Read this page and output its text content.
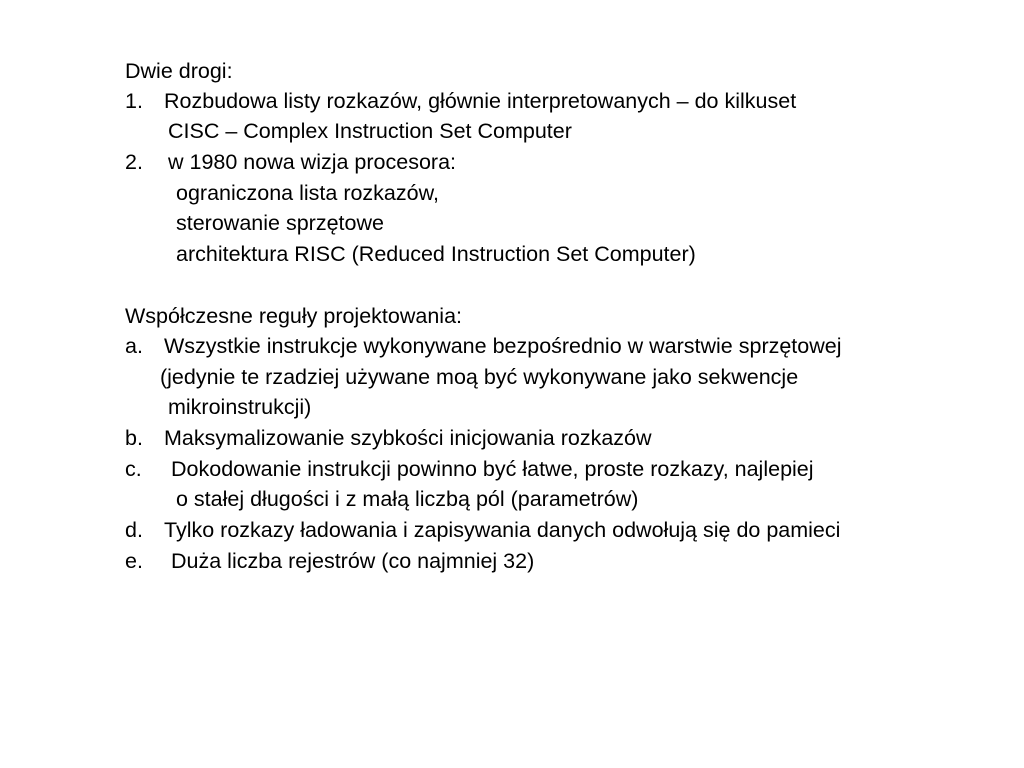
Dwie drogi:
1. Rozbudowa listy rozkazów, głównie interpretowanych – do kilkuset
CISC – Complex Instruction Set Computer
2. w 1980 nowa wizja procesora:
ograniczona lista rozkazów,
sterowanie sprzętowe
architektura RISC (Reduced Instruction Set Computer)
Współczesne reguły projektowania:
a. Wszystkie instrukcje wykonywane bezpośrednio w warstwie sprzętowej
(jedynie te rzadziej używane moą być wykonywane jako sekwencje
mikroinstrukcji)
b. Maksymalizowanie szybkości inicjowania rozkazów
c. Dokodowanie instrukcji powinno być łatwe, proste rozkazy, najlepiej
o stałej długości i z małą liczbą pól (parametrów)
d. Tylko rozkazy ładowania i zapisywania danych odwołują się do pamieci
e. Duża liczba rejestrów (co najmniej 32)
